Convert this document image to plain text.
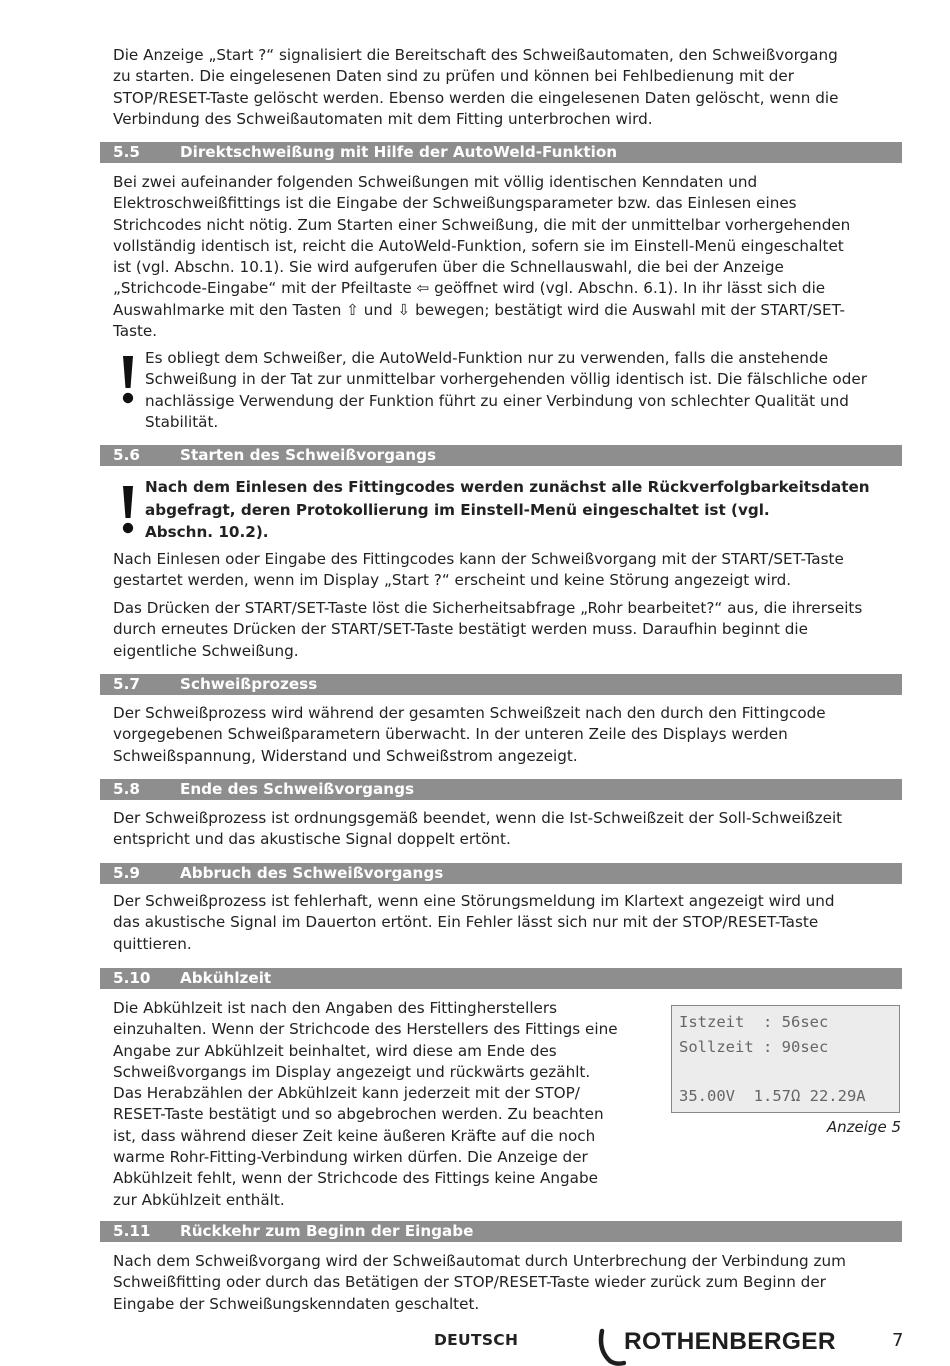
Die Anzeige „Start ?“ signalisiert die Bereitschaft des Schweißautomaten, den Schweißvorgang
zu starten. Die eingelesenen Daten sind zu prüfen und können bei Fehlbedienung mit der
STOP/RESET-Taste gelöscht werden. Ebenso werden die eingelesenen Daten gelöscht, wenn die
Verbindung des Schweißautomaten mit dem Fitting unterbrochen wird.

5.5	Direktschweißung mit Hilfe der AutoWeld-Funktion

Bei zwei aufeinander folgenden Schweißungen mit völlig identischen Kenndaten und
Elektroschweißfittings ist die Eingabe der Schweißungsparameter bzw. das Einlesen eines
Strichcodes nicht nötig. Zum Starten einer Schweißung, die mit der unmittelbar vorhergehenden
vollständig identisch ist, reicht die AutoWeld-Funktion, sofern sie im Einstell-Menü eingeschaltet
ist (vgl. Abschn. 10.1). Sie wird aufgerufen über die Schnellauswahl, die bei der Anzeige
„Strichcode-Eingabe“ mit der Pfeiltaste ⇦ geöffnet wird (vgl. Abschn. 6.1). In ihr lässt sich die
Auswahlmarke mit den Tasten ⇧ und ⇩ bewegen; bestätigt wird die Auswahl mit der START/SET-
Taste.

Es obliegt dem Schweißer, die AutoWeld-Funktion nur zu verwenden, falls die anstehende
Schweißung in der Tat zur unmittelbar vorhergehenden völlig identisch ist. Die fälschliche oder
nachlässige Verwendung der Funktion führt zu einer Verbindung von schlechter Qualität und
Stabilität.

5.6	Starten des Schweißvorgangs

Nach dem Einlesen des Fittingcodes werden zunächst alle Rückverfolgbarkeitsdaten
abgefragt, deren Protokollierung im Einstell-Menü eingeschaltet ist (vgl.
Abschn. 10.2).

Nach Einlesen oder Eingabe des Fittingcodes kann der Schweißvorgang mit der START/SET-Taste
gestartet werden, wenn im Display „Start ?“ erscheint und keine Störung angezeigt wird.

Das Drücken der START/SET-Taste löst die Sicherheitsabfrage „Rohr bearbeitet?“ aus, die ihrerseits
durch erneutes Drücken der START/SET-Taste bestätigt werden muss. Daraufhin beginnt die
eigentliche Schweißung.

5.7	Schweißprozess

Der Schweißprozess wird während der gesamten Schweißzeit nach den durch den Fittingcode
vorgegebenen Schweißparametern überwacht. In der unteren Zeile des Displays werden
Schweißspannung, Widerstand und Schweißstrom angezeigt.

5.8	Ende des Schweißvorgangs

Der Schweißprozess ist ordnungsgemäß beendet, wenn die Ist-Schweißzeit der Soll-Schweißzeit
entspricht und das akustische Signal doppelt ertönt.

5.9	Abbruch des Schweißvorgangs

Der Schweißprozess ist fehlerhaft, wenn eine Störungsmeldung im Klartext angezeigt wird und
das akustische Signal im Dauerton ertönt. Ein Fehler lässt sich nur mit der STOP/RESET-Taste
quittieren.

5.10 Abkühlzeit

Die Abkühlzeit ist nach den Angaben des Fittingherstellers
einzuhalten. Wenn der Strichcode des Herstellers des Fittings eine
Angabe zur Abkühlzeit beinhaltet, wird diese am Ende des
Schweißvorgangs im Display angezeigt und rückwärts gezählt.
Das Herabzählen der Abkühlzeit kann jederzeit mit der STOP/
RESET-Taste bestätigt und so abgebrochen werden. Zu beachten
ist, dass während dieser Zeit keine äußeren Kräfte auf die noch
warme Rohr-Fitting-Verbindung wirken dürfen. Die Anzeige der
Abkühlzeit fehlt, wenn der Strichcode des Fittings keine Angabe
zur Abkühlzeit enthält.

Istzeit  : 56sec
Sollzeit : 90sec
35.00V  1.57Ω 22.29A
Anzeige 5
5.11 Rückkehr zum Beginn der Eingabe

Nach dem Schweißvorgang wird der Schweißautomat durch Unterbrechung der Verbindung zum
Schweißfitting oder durch das Betätigen der STOP/RESET-Taste wieder zurück zum Beginn der
Eingabe der Schweißungskenndaten geschaltet.

DEUTSCH	ROTHENBERGER	7
